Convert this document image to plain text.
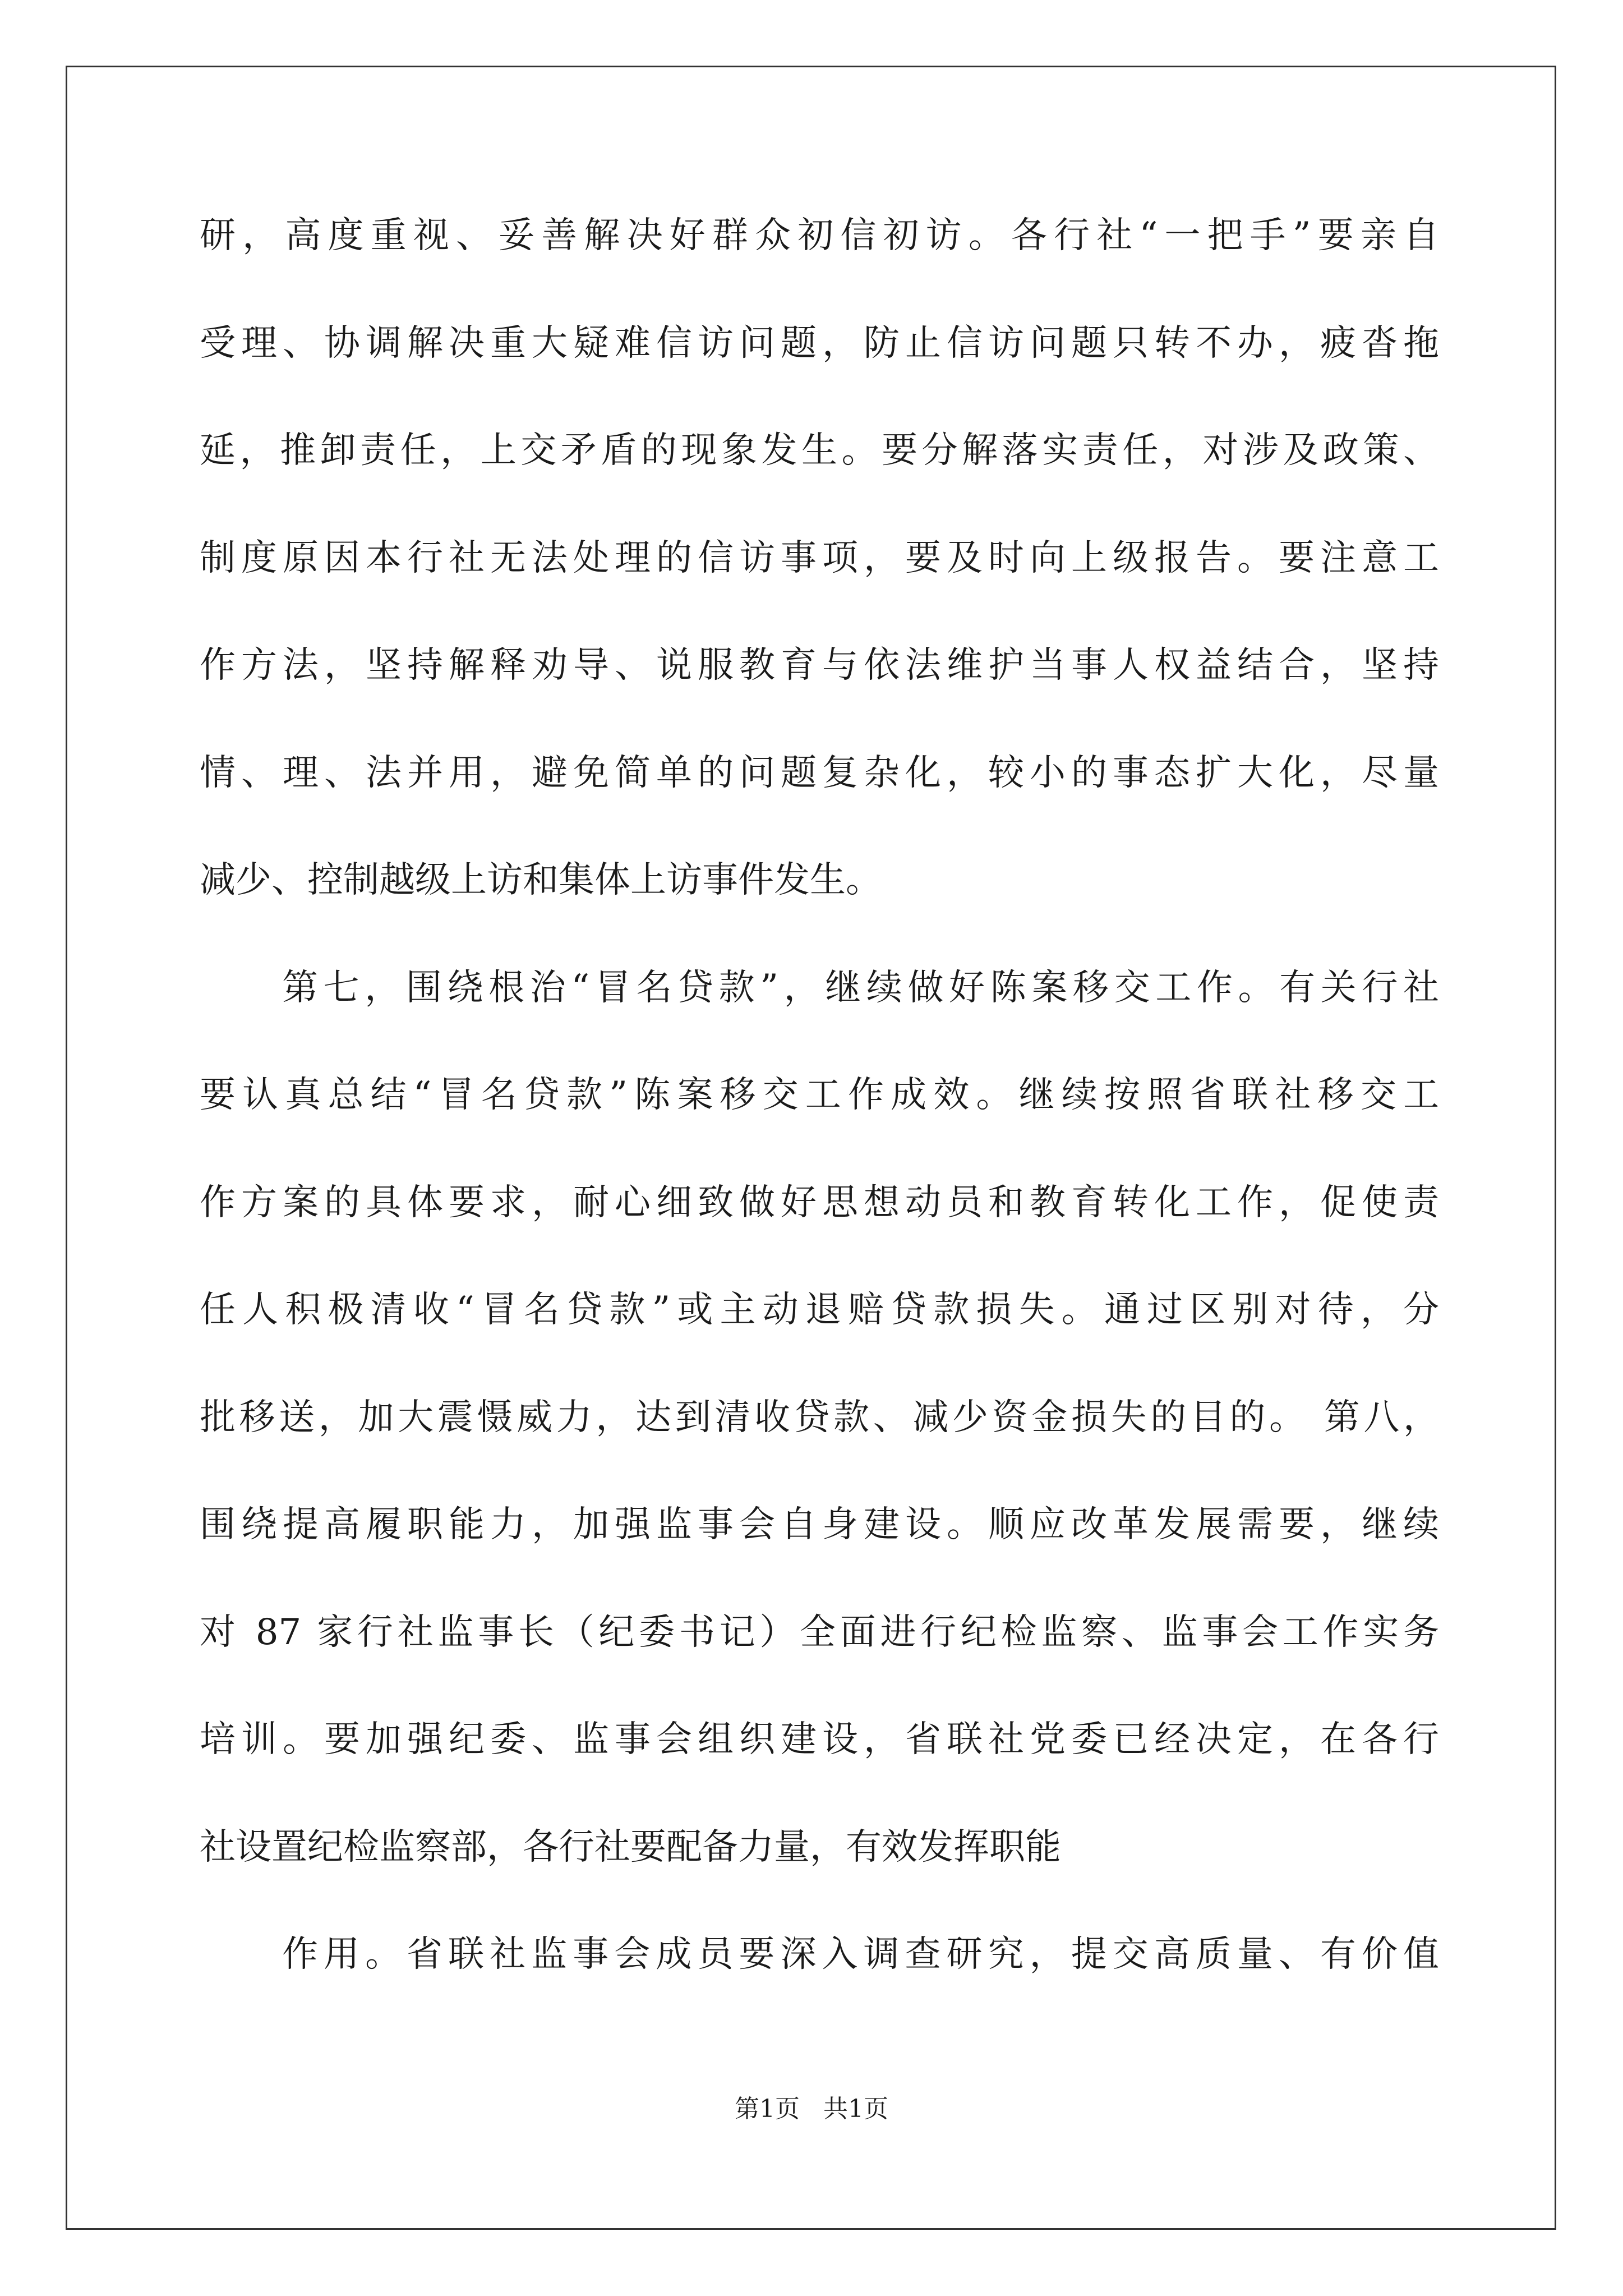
研，高度重视、妥善解决好群众初信初访。各行社“一把手”要亲自
受理、协调解决重大疑难信访问题，防止信访问题只转不办，疲沓拖
延，推卸责任，上交矛盾的现象发生。要分解落实责任，对涉及政策、
制度原因本行社无法处理的信访事项，要及时向上级报告。要注意工
作方法，坚持解释劝导、说服教育与依法维护当事人权益结合，坚持
情、理、法并用，避免简单的问题复杂化，较小的事态扩大化，尽量
减少、控制越级上访和集体上访事件发生。
第七，围绕根治“冒名贷款”，继续做好陈案移交工作。有关行社
要认真总结“冒名贷款”陈案移交工作成效。继续按照省联社移交工
作方案的具体要求，耐心细致做好思想动员和教育转化工作，促使责
任人积极清收“冒名贷款”或主动退赔贷款损失。通过区别对待，分
批移送，加大震慑威力，达到清收贷款、减少资金损失的目的。 第八，
围绕提高履职能力，加强监事会自身建设。顺应改革发展需要，继续
对 87 家行社监事长（纪委书记）全面进行纪检监察、监事会工作实务
培训。要加强纪委、监事会组织建设，省联社党委已经决定，在各行
社设置纪检监察部，各行社要配备力量，有效发挥职能
作用。省联社监事会成员要深入调查研究，提交高质量、有价值
第1页   共1页
